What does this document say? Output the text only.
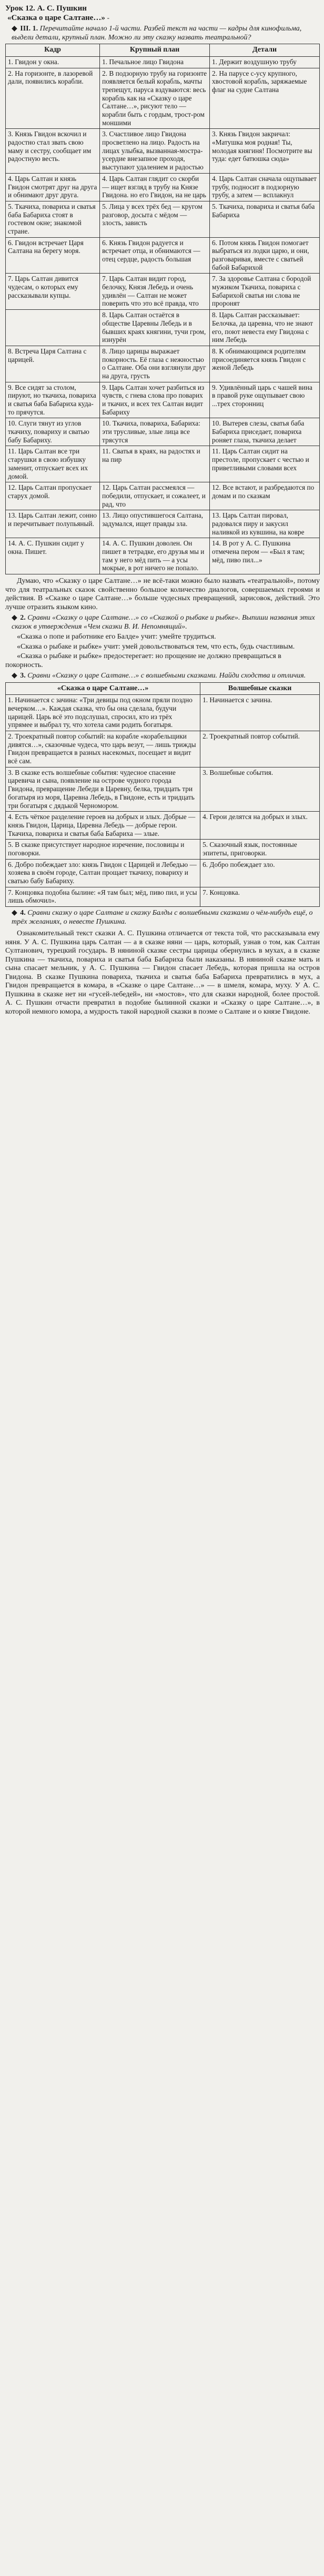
Урок 12. А. С. Пушкин
«Сказка о царе Салтане…» -
◆ III. 1. Перечитайте начало 1-й части. Разбей текст на части — кадры для кинофильма, выдели детали, крупный план. Можно ли эту сказку назвать театральной?
Кадр	Крупный план	Детали
1. Гвидон у окна.	1. Печальное лицо Гвидона	1. Держит воздушную трубу
2. На горизонте, в лазоревой дали, появились корабли.	2. В подзорную трубу на горизонте появляется белый корабль, мачты трепещут, паруса вздуваются: весь корабль как на «Сказку о царе Салтане…», рисуют тело — корабли быть с гордым, трост-ром моншими	2. На парусе с-усу крупного, хвостовой корабль, заряжаемые флаг на судне Салтана
3. Князь Гвидон вскочил и радостно стал звать свою маму и сестру, сообщает им радостную весть.	3. Счастливое лицо Гвидона просветлено на лицо. Радость на лицах улыбка, вызванная-мостра-усердие внезапное проходя, выступают удалением и радостью	3. Князь Гвидон закричал: «Матушка моя родная! Ты, молодая княгиня! Посмотрите вы туда: едет батюшка сюда»
4. Царь Салтан и князь Гвидон смотрят друг на друга и обнимают друг друга.	4. Царь Салтан глядит со скорби — ищет взгляд в трубу на Князе Гвидона. но его Гвидон, на не царь	4. Царь Салтан сначала ощупывает трубу, подносит в подзорную трубу, а затем — всплакнул
5. Ткачиха, повариха и сватья баба Бабариха стоят в гостевом окне; знакомой стране.	5. Лица у всех трёх бед — кругом разговор, досыта с мёдом — злость, зависть	5. Ткачиха, повариха и сватья баба Бабариха
6. Гвидон встречает Царя Салтана на берегу моря.	6. Князь Гвидон радуется и встречает отца, и обнимаются — отец сердце, радость большая	6. Потом князь Гвидон помогает выбраться из лодки царю, и они, разговаривая, вместе с сватьей бабой Бабарихой
7. Царь Салтан дивится чудесам, о которых ему рассказывали купцы.	7. Царь Салтан видит город, белочку, Князя Лебедь и очень удивлён — Салтан не может поверить что это всё правда, что	7. За здоровье Салтана с бородой мужиком Ткачиха, повариха с Бабарихой сватья ни слова не проронят
	8. Царь Салтан остаётся в обществе Царевны Лебедь и в бывших краях княгини, тучи гром, изнурён	8. Царь Салтан рассказывает: Белочка, да царевна, что не знают его, поют невеста ему Гвидона с ним Лебедь
8. Встреча Царя Салтана с царицей.	8. Лицо царицы выражает покорность. Её глаза с нежностью о Салтане. Оба они взглянули друг на друга, грусть	8. К обнимающимся родителям присоединяется князь Гвидон с женой Лебедь
9. Все сидят за столом, пируют, но ткачиха, повариха и сватья баба Бабариха куда-то прячутся.	9. Царь Салтан хочет разбиться из чувств, с гнева слова про поварих и ткачих, и всех тех Салтан видит Бабариху	9. Удивлённый царь с чашей вина в правой руке ощупывает свою ...трех сторонниц
10. Слуги тянут из углов ткачиху, повариху и сватью бабу Бабариху.	10. Ткачиха, повариха, Бабариха: эти трусливые, злые лица все трясутся	10. Вытерев слезы, сватья баба Бабариха приседает, повариха роняет глаза, ткачиха делает
11. Царь Салтан все три старушки в свою избушку заменит, отпускает всех их домой.	11. Сватья в краях, на радостях и на пир	11. Царь Салтан сидит на престоле, пропускает с честью и приветливыми словами всех
12. Царь Салтан пропускает старух домой.	12. Царь Салтан рассмеялся — победили, отпускает, и сожалеет, и рад, что	12. Все встают, и разбредаются по домам и по сказкам
13. Царь Салтан лежит, сонно и перечитывает полупьяный.	13. Лицо опустившегося Салтана, задумался, ищет правды зла.	13. Царь Салтан пировал, радовался пиру и закусил наливкой из кувшина, на ковре
14. А. С. Пушкин сидит у окна. Пишет.	14. А. С. Пушкин доволен. Он пишет в тетрадке, его друзья мы и там у него мёд пить — а усы мокрые, в рот ничего не попало.	14. В рот у А. С. Пушкина отмечена пером — «Был я там; мёд, пиво пил...»

Думаю, что «Сказку о царе Салтане…» не всё-таки можно было назвать «театральной», потому что для театральных сказок свойственно большое количество диалогов, совершаемых героями и действия. В «Сказке о царе Салтане…» больше чудесных превращений, зарисовок, действий. Это лучше отразить языком кино.

◆ 2. Сравни «Сказку о царе Салтане…» со «Сказкой о рыбаке и рыбке». Выпиши названия этих сказок в утверждения «Чем сказки В. И. Непомнящий».

«Сказка о попе и работнике его Балде» учит: умейте трудиться.

«Сказка о рыбаке и рыбке» учит: умей довольствоваться тем, что есть, будь счастливым.

«Сказка о рыбаке и рыбке» предостерегает: но прощение не должно превращаться в покорность.

◆ 3. Сравни «Сказку о царе Салтане…» с волшебными сказками. Найди сходства и отличия.
«Сказка о царе Салтане…»	Волшебные сказки
1. Начинается с зачина: «Три девицы под окном пряли поздно вечерком…». Каждая сказка, что бы она сделала, будучи царицей. Царь всё это подслушал, спросил, кто из трёх упрямее и выбрал ту, что хотела сами родить богатыря.	1. Начинается с зачина.
2. Троекратный повтор событий: на корабле «корабельщики дивятся…», сказочные чудеса, что царь везут, — лишь трижды Гвидон превращается в разных насекомых, посещает и видит всё сам.	2. Троекратный повтор событий.
3. В сказке есть волшебные события: чудесное спасение царевича и сына, появление на острове чудного города Гвидона, превращение Лебеди в Царевну, белка, тридцать три богатыря из моря, Царевна Лебедь, в Гвидоне, есть и тридцать три богатыря с дядькой Черномором.	3. Волшебные события.
4. Есть чёткое разделение героев на добрых и злых. Добрые — князь Гвидон, Царица, Царевна Лебедь — добрые герои. Ткачиха, повариха и сватья баба Бабариха — злые.	4. Герои делятся на добрых и злых.
5. В сказке присутствует народное изречение, пословицы и поговорки.	5. Сказочный язык, постоянные эпитеты, приговорки.
6. Добро побеждает зло: князь Гвидон с Царицей и Лебедью — хозяева в своём городе, Салтан прощает ткачиху, повариху и сватью бабу Бабариху.	6. Добро побеждает зло.
7. Концовка подобна былине: «Я там был; мёд, пиво пил, и усы лишь обмочил».	7. Концовка.
◆ 4. Сравни сказку о царе Салтане и сказку Балды с волшебными сказками о чём-нибудь ещё, о трёх желаниях, о невесте Пушкина.

Ознакомительный текст сказки А. С. Пушкина отличается от текста той, что рассказывала ему няня. У А. С. Пушкина царь Салтан — а в сказке няни — царь, который, узнав о том, как Салтан Султанович, турецкий государь. В няниной сказке сестры царицы обернулись в мухах, а в сказке Пушкина — ткачиха, повариха и сватья баба Бабариха были наказаны. В няниной сказке мать и сына спасает мельник, у А. С. Пушкина — Гвидон спасает Лебедь, которая пришла на остров Гвидона. В сказке Пушкина повариха, ткачиха и сватья баба Бабариха превратились в мух, а Гвидон превращается в комара, в «Сказке о царе Салтане…» — в шмеля, комара, муху. У А. С. Пушкина в сказке нет ни «гусей-лебедей», ни «мостов», что для сказки народной, более простой. А. С. Пушкин отчасти превратил в подобие былинной сказки и «Сказку о царе Салтане…», в которой немного юмора, а мудрость такой народной сказки в поэме о Салтане и о князе Гвидоне.
